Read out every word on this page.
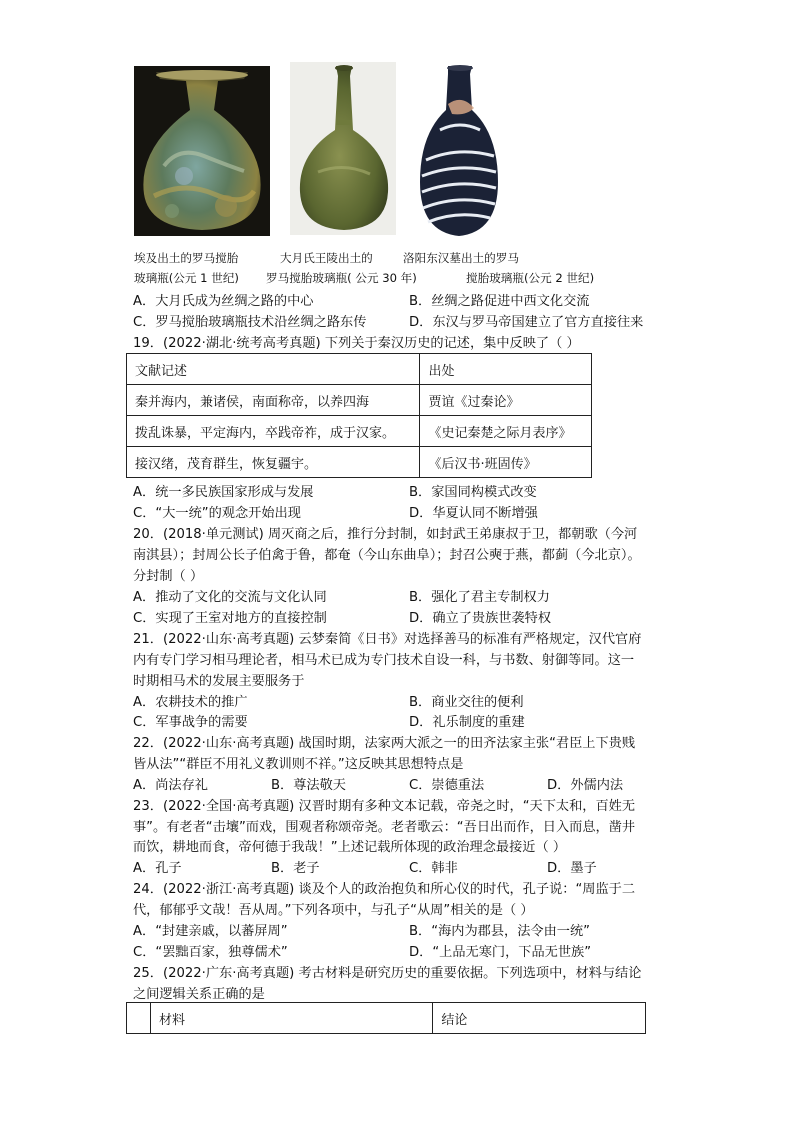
埃及出土的罗马搅胎	大月氏王陵出土的	洛阳东汉墓出土的罗马
玻璃瓶(公元 1 世纪) 罗马搅胎玻璃瓶( 公元 30 年)	搅胎玻璃瓶(公元 2 世纪)
A．大月氏成为丝绸之路的中心	B．丝绸之路促进中西文化交流
C．罗马搅胎玻璃瓶技术沿丝绸之路东传	D．东汉与罗马帝国建立了官方直接往来
19．(2022·湖北·统考高考真题) 下列关于秦汉历史的记述，集中反映了（ ）
文献记述	出处
秦并海内，兼诸侯，南面称帝，以养四海	贾谊《过秦论》
拨乱诛暴，平定海内，卒践帝祚，成于汉家。	《史记秦楚之际月表序》
接汉绪，茂育群生，恢复疆宇。	《后汉书·班固传》
A．统一多民族国家形成与发展	B．家国同构模式改变
C．“大一统”的观念开始出现	D．华夏认同不断增强
20．(2018·单元测试) 周灭商之后，推行分封制，如封武王弟康叔于卫，都朝歌（今河
南淇县）；封周公长子伯禽于鲁，都奄（今山东曲阜）；封召公奭于燕，都蓟（今北京）。
分封制（ ）
A．推动了文化的交流与文化认同	B．强化了君主专制权力
C．实现了王室对地方的直接控制	D．确立了贵族世袭特权
21．(2022·山东·高考真题) 云梦秦简《日书》对选择善马的标准有严格规定，汉代官府
内有专门学习相马理论者，相马术已成为专门技术自设一科，与书数、射御等同。这一
时期相马术的发展主要服务于
A．农耕技术的推广	B．商业交往的便利
C．军事战争的需要	D．礼乐制度的重建
22．(2022·山东·高考真题) 战国时期，法家两大派之一的田齐法家主张“君臣上下贵贱
皆从法”“群臣不用礼义教训则不祥。”这反映其思想特点是
A．尚法存礼	B．尊法敬天	C．崇德重法	D．外儒内法
23．(2022·全国·高考真题) 汉晋时期有多种文本记载，帝尧之时，“天下太和，百姓无
事”。有老者“击壤”而戏，围观者称颂帝尧。老者歌云：“吾日出而作，日入而息，凿井
而饮，耕地而食，帝何德于我哉！”上述记载所体现的政治理念最接近（ ）
A．孔子	B．老子	C．韩非	D．墨子
24．(2022·浙江·高考真题) 谈及个人的政治抱负和所心仪的时代，孔子说：“周监于二
代，郁郁乎文哉！吾从周。”下列各项中，与孔子“从周”相关的是（ ）
A．“封建亲戚，以蕃屏周”	B．“海内为郡县，法令由一统”
C．“罢黜百家，独尊儒术”	D．“上品无寒门，下品无世族”
25．(2022·广东·高考真题) 考古材料是研究历史的重要依据。下列选项中，材料与结论
之间逻辑关系正确的是
	材料	结论
